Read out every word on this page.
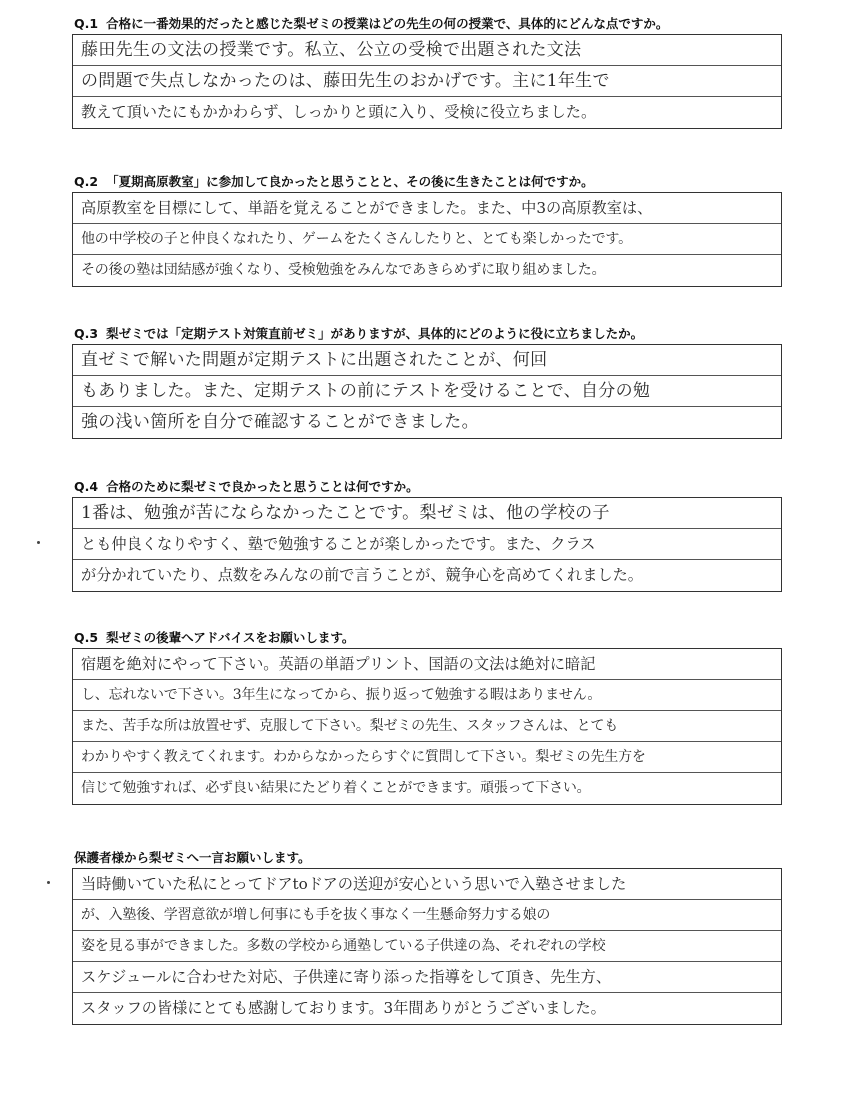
Q.1 合格に一番効果的だったと感じた梨ゼミの授業はどの先生の何の授業で、具体的にどんな点ですか。
藤田先生の文法の授業です。私立、公立の受検で出題された文法
の問題で失点しなかったのは、藤田先生のおかげです。主に1年生で
教えて頂いたにもかかわらず、しっかりと頭に入り、受検に役立ちました。
Q.2 「夏期高原教室」に参加して良かったと思うことと、その後に生きたことは何ですか。
高原教室を目標にして、単語を覚えることができました。また、中3の高原教室は、
他の中学校の子と仲良くなれたり、ゲームをたくさんしたりと、とても楽しかったです。
その後の塾は団結感が強くなり、受検勉強をみんなであきらめずに取り組めました。
Q.3 梨ゼミでは「定期テスト対策直前ゼミ」がありますが、具体的にどのように役に立ちましたか。
直ゼミで解いた問題が定期テストに出題されたことが、何回
もありました。また、定期テストの前にテストを受けることで、自分の勉
強の浅い箇所を自分で確認することができました。
Q.4 合格のために梨ゼミで良かったと思うことは何ですか。
1番は、勉強が苦にならなかったことです。梨ゼミは、他の学校の子
とも仲良くなりやすく、塾で勉強することが楽しかったです。また、クラス
が分かれていたり、点数をみんなの前で言うことが、競争心を高めてくれました。
Q.5 梨ゼミの後輩へアドバイスをお願いします。
宿題を絶対にやって下さい。英語の単語プリント、国語の文法は絶対に暗記
し、忘れないで下さい。3年生になってから、振り返って勉強する暇はありません。
また、苦手な所は放置せず、克服して下さい。梨ゼミの先生、スタッフさんは、とても
わかりやすく教えてくれます。わからなかったらすぐに質問して下さい。梨ゼミの先生方を
信じて勉強すれば、必ず良い結果にたどり着くことができます。頑張って下さい。
保護者様から梨ゼミへ一言お願いします。
当時働いていた私にとってドアtoドアの送迎が安心という思いで入塾させました
が、入塾後、学習意欲が増し何事にも手を抜く事なく一生懸命努力する娘の
姿を見る事ができました。多数の学校から通塾している子供達の為、それぞれの学校
スケジュールに合わせた対応、子供達に寄り添った指導をして頂き、先生方、
スタッフの皆様にとても感謝しております。3年間ありがとうございました。
